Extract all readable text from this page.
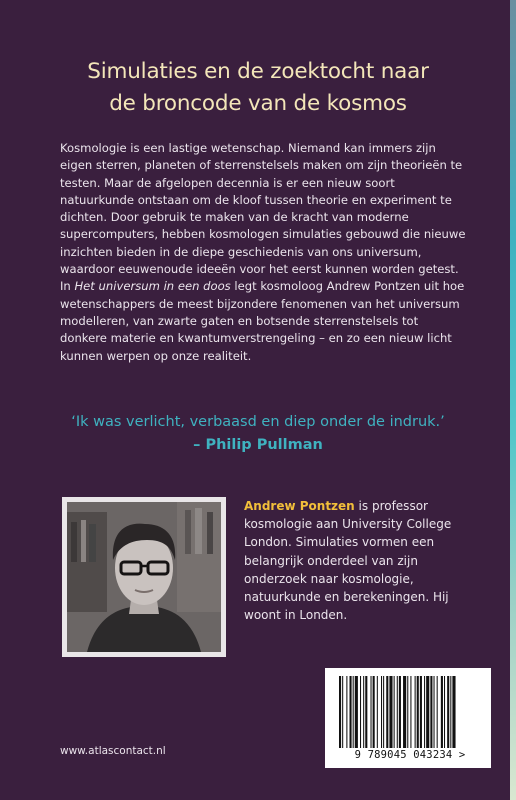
Simulaties en de zoektocht naar
de broncode van de kosmos

Kosmologie is een lastige wetenschap. Niemand kan immers zijn eigen sterren, planeten of sterrenstelsels maken om zijn theorieën te testen. Maar de afgelopen decennia is er een nieuw soort natuurkunde ontstaan om de kloof tussen theorie en experiment te dichten. Door gebruik te maken van de kracht van moderne supercomputers, hebben kosmologen simulaties gebouwd die nieuwe inzichten bieden in de diepe geschiedenis van ons universum, waardoor eeuwenoude ideeën voor het eerst kunnen worden getest.

In Het universum in een doos legt kosmoloog Andrew Pontzen uit hoe wetenschappers de meest bijzondere fenomenen van het universum modelleren, van zwarte gaten en botsende sterrenstelsels tot donkere materie en kwantumverstrengeling – en zo een nieuw licht kunnen werpen op onze realiteit.

‘Ik was verlicht, verbaasd en diep onder de indruk.’
– Philip Pullman
Andrew Pontzen is professor kosmologie aan University College London. Simulaties vormen een belangrijk onderdeel van zijn onderzoek naar kosmologie, natuurkunde en berekeningen. Hij woont in Londen.
www.atlascontact.nl	9 789045 043234 >
